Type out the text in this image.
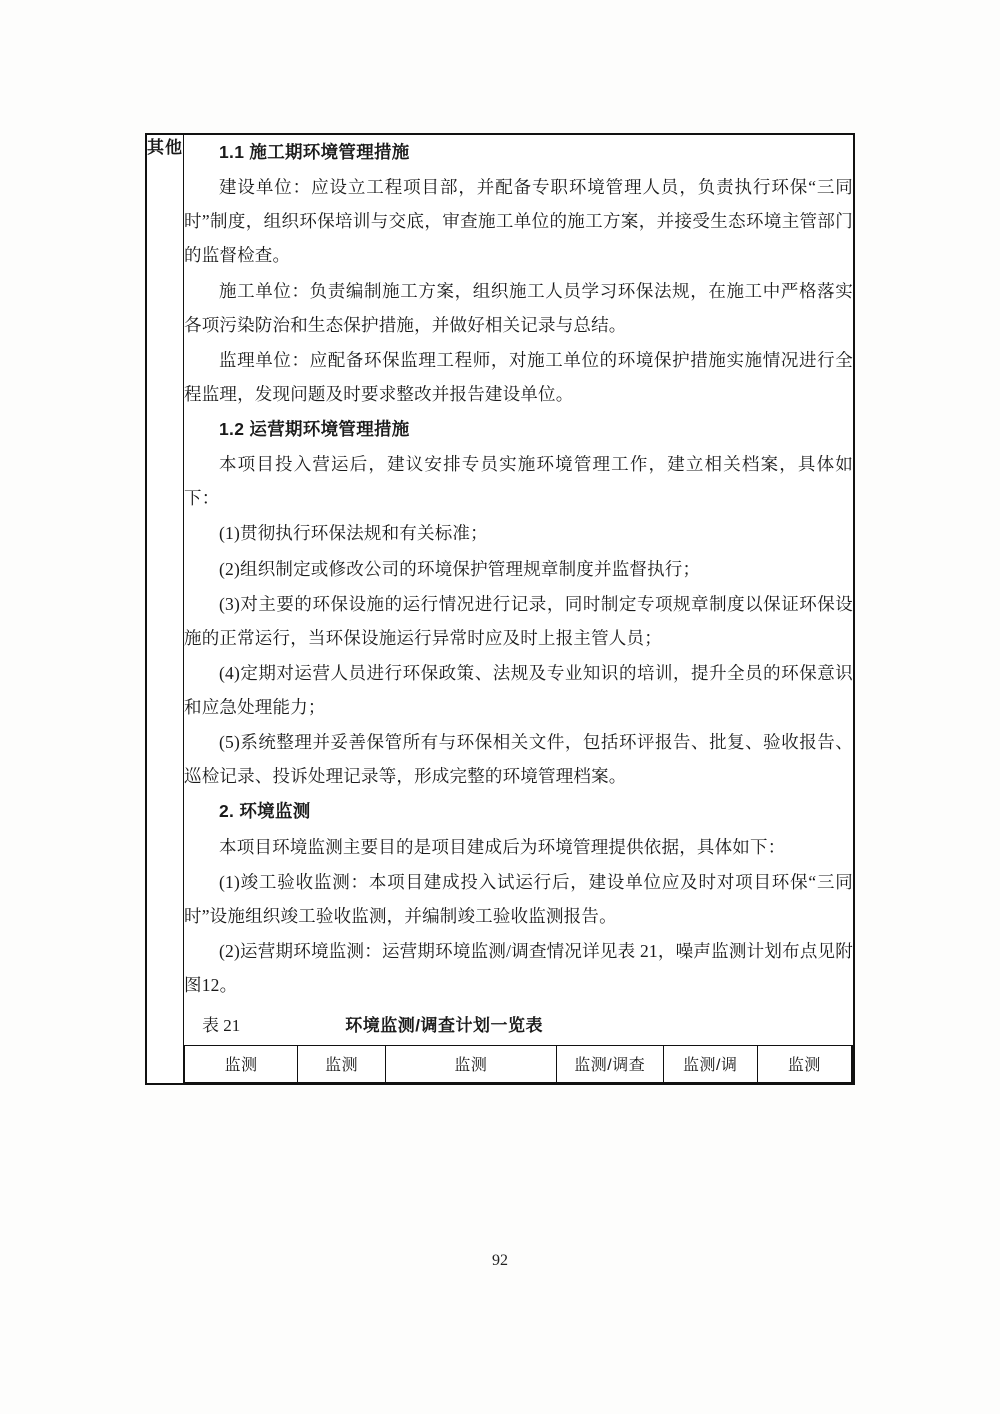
其他	1.1 施工期环境管理措施

建设单位：应设立工程项目部，并配备专职环境管理人员，负责执行环保“三同时”制度，组织环保培训与交底，审查施工单位的施工方案，并接受生态环境主管部门的监督检查。

施工单位：负责编制施工方案，组织施工人员学习环保法规，在施工中严格落实各项污染防治和生态保护措施，并做好相关记录与总结。

监理单位：应配备环保监理工程师，对施工单位的环境保护措施实施情况进行全程监理，发现问题及时要求整改并报告建设单位。

1.2 运营期环境管理措施

本项目投入营运后，建议安排专员实施环境管理工作，建立相关档案，具体如下：

(1)贯彻执行环保法规和有关标准；

(2)组织制定或修改公司的环境保护管理规章制度并监督执行；

(3)对主要的环保设施的运行情况进行记录，同时制定专项规章制度以保证环保设施的正常运行，当环保设施运行异常时应及时上报主管人员；

(4)定期对运营人员进行环保政策、法规及专业知识的培训，提升全员的环保意识和应急处理能力；

(5)系统整理并妥善保管所有与环保相关文件，包括环评报告、批复、验收报告、巡检记录、投诉处理记录等，形成完整的环境管理档案。

2. 环境监测

本项目环境监测主要目的是项目建成后为环境管理提供依据，具体如下：

(1)竣工验收监测：本项目建成投入试运行后，建设单位应及时对项目环保“三同时”设施组织竣工验收监测，并编制竣工验收监测报告。

(2)运营期环境监测：运营期环境监测/调查情况详见表 21，噪声监测计划布点见附图12。

表 21	环境监测/调查计划一览表
监测	监测	监测	监测/调查	监测/调	监测
92
